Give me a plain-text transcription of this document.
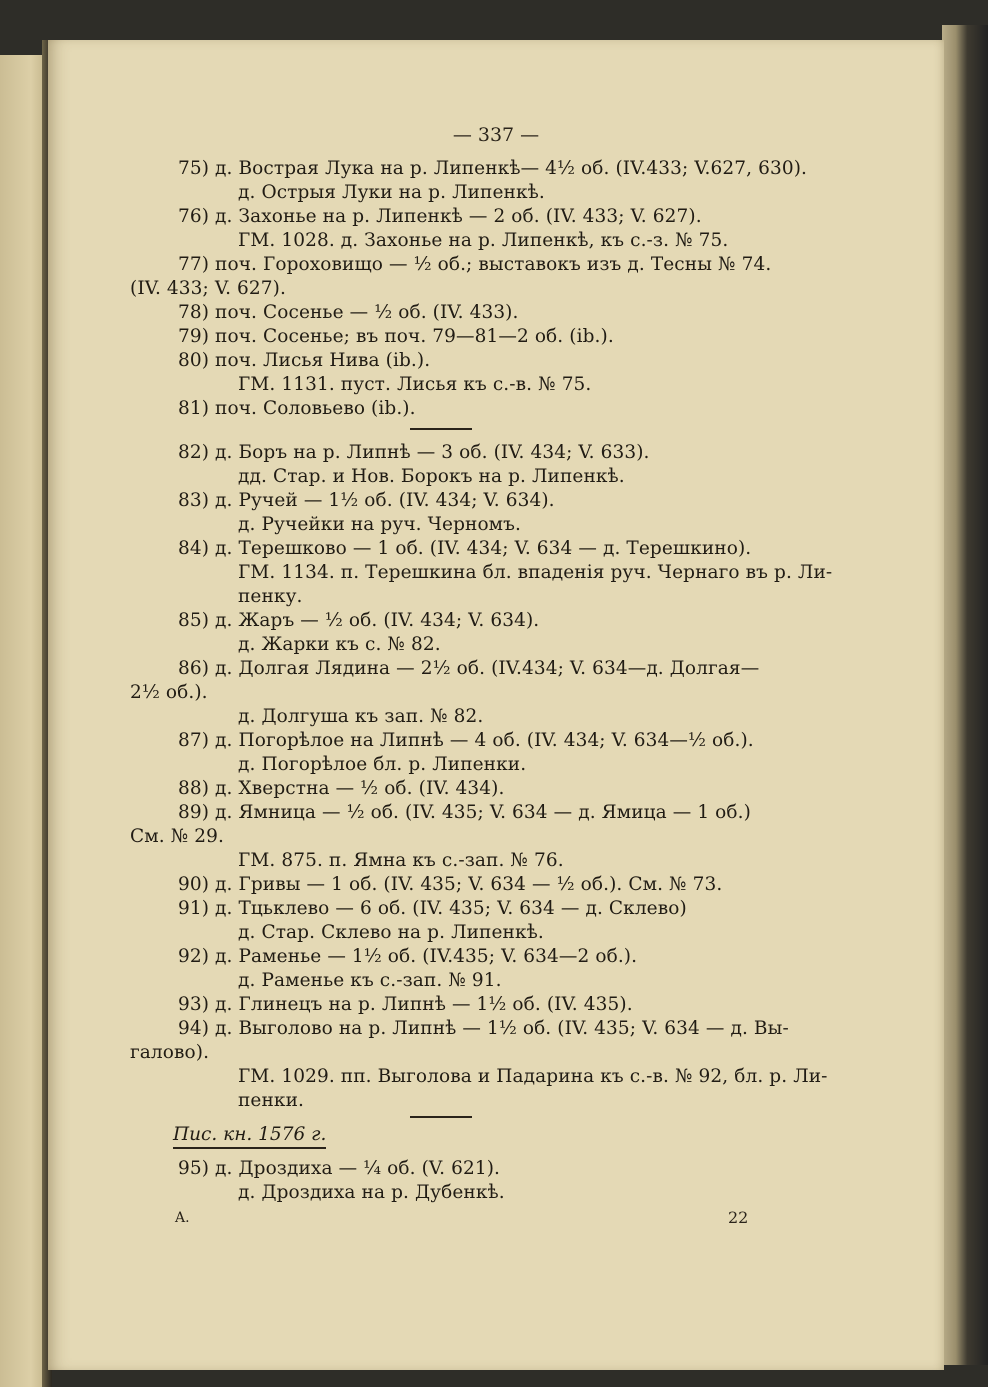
— 337 —
75) д. Вострая Лука на р. Липенкѣ— 4½ об. (IV.433; V.627, 630).
д. Острыя Луки на р. Липенкѣ.
76) д. Захонье на р. Липенкѣ — 2 об. (IV. 433; V. 627).
ГМ. 1028. д. Захонье на р. Липенкѣ, къ с.-з. № 75.
77) поч. Гороховищо — ½ об.; выставокъ изъ д. Тесны № 74.
(IV. 433; V. 627).
78) поч. Сосенье — ½ об. (IV. 433).
79) поч. Сосенье; въ поч. 79—81—2 об. (ib.).
80) поч. Лисья Нива (ib.).
ГМ. 1131. пуст. Лисья къ с.-в. № 75.
81) поч. Соловьево (ib.).
82) д. Боръ на р. Липнѣ — 3 об. (IV. 434; V. 633).
дд. Стар. и Нов. Борокъ на р. Липенкѣ.
83) д. Ручей — 1½ об. (IV. 434; V. 634).
д. Ручейки на руч. Черномъ.
84) д. Терешково — 1 об. (IV. 434; V. 634 — д. Терешкино).
ГМ. 1134. п. Терешкина бл. впаденія руч. Чернаго въ р. Ли-
пенку.
85) д. Жаръ — ½ об. (IV. 434; V. 634).
д. Жарки къ с. № 82.
86) д. Долгая Лядина — 2½ об. (IV.434; V. 634—д. Долгая—
2½ об.).
д. Долгуша къ зап. № 82.
87) д. Погорѣлое на Липнѣ — 4 об. (IV. 434; V. 634—½ об.).
д. Погорѣлое бл. р. Липенки.
88) д. Хверстна — ½ об. (IV. 434).
89) д. Ямница — ½ об. (IV. 435; V. 634 — д. Ямица — 1 об.)
См. № 29.
ГМ. 875. п. Ямна къ с.-зап. № 76.
90) д. Гривы — 1 об. (IV. 435; V. 634 — ½ об.). См. № 73.
91) д. Тцьклево — 6 об. (IV. 435; V. 634 — д. Склево)
д. Стар. Склево на р. Липенкѣ.
92) д. Раменье — 1½ об. (IV.435; V. 634—2 об.).
д. Раменье къ с.-зап. № 91.
93) д. Глинецъ на р. Липнѣ — 1½ об. (IV. 435).
94) д. Выголово на р. Липнѣ — 1½ об. (IV. 435; V. 634 — д. Вы-
галово).
ГМ. 1029. пп. Выголова и Падарина къ с.-в. № 92, бл. р. Ли-
пенки.
Пис. кн. 1576 г.
95) д. Дроздиха — ¼ об. (V. 621).
д. Дроздиха на р. Дубенкѣ.
A.	22
